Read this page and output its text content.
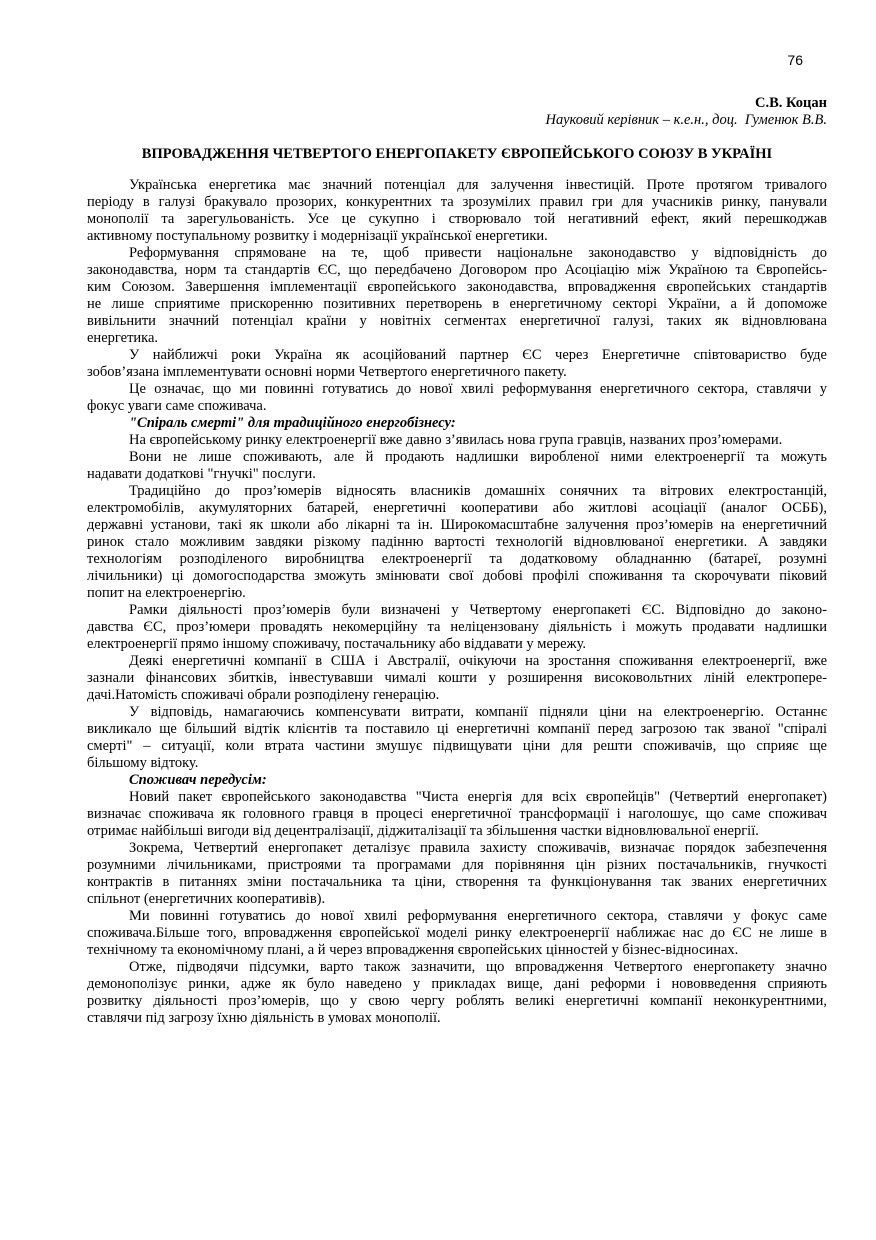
76
С.В. Коцан
Науковий керівник – к.е.н., доц.  Гуменюк В.В.
ВПРОВАДЖЕННЯ ЧЕТВЕРТОГО ЕНЕРГОПАКЕТУ ЄВРОПЕЙСЬКОГО СОЮЗУ В УКРАЇНІ
Українська енергетика має значний потенціал для залучення інвестицій. Проте протягом тривалого
періоду в галузі бракувало прозорих, конкурентних та зрозумілих правил гри для учасників ринку, панували
монополії та зарегульованість. Усе це сукупно і створювало той негативний ефект, який перешкоджав
активному поступальному розвитку і модернізації української енергетики.
Реформування спрямоване на те, щоб привести національне законодавство у відповідність до
законодавства, норм та стандартів ЄС, що передбачено Договором про Асоціацію між Україною та Європейсь-
ким Союзом. Завершення імплементації європейського законодавства, впровадження європейських стандартів
не лише сприятиме прискоренню позитивних перетворень в енергетичному секторі України, а й допоможе
вивільнити значний потенціал країни у новітніх сегментах енергетичної галузі, таких як відновлювана
енергетика.
У найближчі роки Україна як асоційований партнер ЄС через Енергетичне співтовариство буде
зобов’язана імплементувати основні норми Четвертого енергетичного пакету.
Це означає, що ми повинні готуватись до нової хвилі реформування енергетичного сектора, ставлячи у
фокус уваги саме споживача.
"Спіраль смерті" для традиційного енергобізнесу:
На європейському ринку електроенергії вже давно з’явилась нова група гравців, названих проз’юмерами.
Вони не лише споживають, але й продають надлишки виробленої ними електроенергії та можуть
надавати додаткові "гнучкі" послуги.
Традиційно до проз’юмерів відносять власників домашніх сонячних та вітрових електростанцій,
електромобілів, акумуляторних батарей, енергетичні кооперативи або житлові асоціації (аналог ОСББ),
державні установи, такі як школи або лікарні та ін. Широкомасштабне залучення проз’юмерів на енергетичний
ринок стало можливим завдяки різкому падінню вартості технологій відновлюваної енергетики. А завдяки
технологіям розподіленого виробництва електроенергії та додатковому обладнанню (батареї, розумні
лічильники) ці домогосподарства зможуть змінювати свої добові профілі споживання та скорочувати піковий
попит на електроенергію.
Рамки діяльності проз’юмерів були визначені у Четвертому енергопакеті ЄС. Відповідно до законо-
давства ЄС, проз’юмери провадять некомерційну та неліцензовану діяльність і можуть продавати надлишки
електроенергії прямо іншому споживачу, постачальнику або віддавати у мережу.
Деякі енергетичні компанії в США і Австралії, очікуючи на зростання споживання електроенергії, вже
зазнали фінансових збитків, інвестувавши чималі кошти у розширення високовольтних ліній електропере-
дачі.Натомість споживачі обрали розподілену генерацію.
У відповідь, намагаючись компенсувати витрати, компанії підняли ціни на електроенергію. Останнє
викликало ще більший відтік клієнтів та поставило ці енергетичні компанії перед загрозою так званої "спіралі
смерті" – ситуації, коли втрата частини змушує підвищувати ціни для решти споживачів, що сприяє ще
більшому відтоку.
Споживач передусім:
Новий пакет європейського законодавства "Чиста енергія для всіх європейців" (Четвертий енергопакет)
визначає споживача як головного гравця в процесі енергетичної трансформації і наголошує, що саме споживач
отримає найбільші вигоди від децентралізації, діджиталізації та збільшення частки відновлювальної енергії.
Зокрема, Четвертий енергопакет деталізує правила захисту споживачів, визначає порядок забезпечення
розумними лічильниками, пристроями та програмами для порівняння цін різних постачальників, гнучкості
контрактів в питаннях зміни постачальника та ціни, створення та функціонування так званих енергетичних
спільнот (енергетичних кооперативів).
Ми повинні готуватись до нової хвилі реформування енергетичного сектора, ставлячи у фокус саме
споживача.Більше того, впровадження європейської моделі ринку електроенергії наближає нас до ЄС не лише в
технічному та економічному плані, а й через впровадження європейських цінностей у бізнес-відносинах.
Отже, підводячи підсумки, варто також зазначити, що впровадження Четвертого енергопакету значно
демонополізує ринки, адже як було наведено у прикладах вище, дані реформи і нововведення сприяють
розвитку діяльності проз’юмерів, що у свою чергу роблять великі енергетичні компанії неконкурентними,
ставлячи під загрозу їхню діяльність в умовах монополії.
